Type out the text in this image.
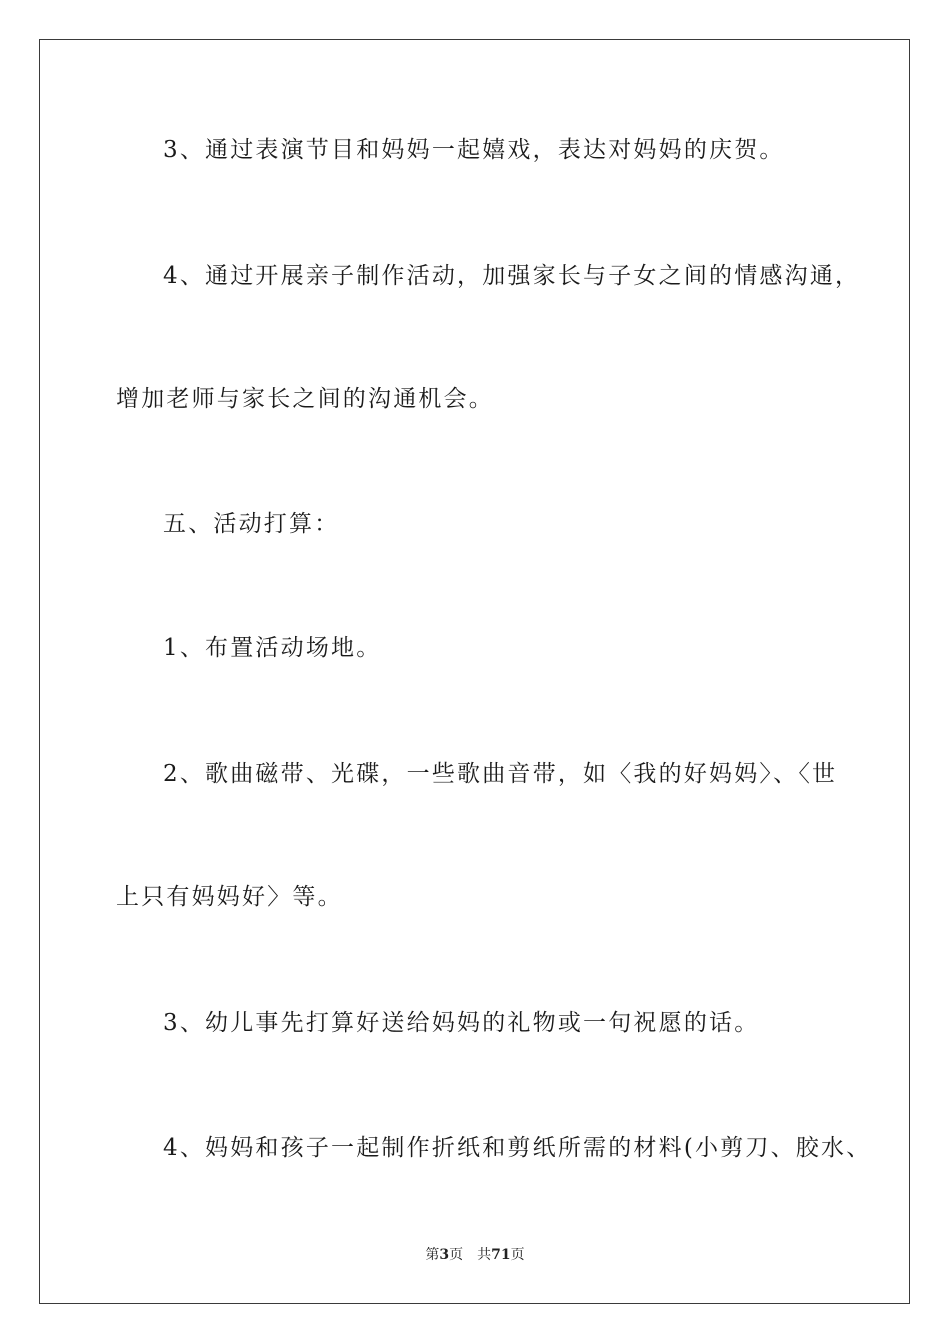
3、通过表演节目和妈妈一起嬉戏，表达对妈妈的庆贺。
4、通过开展亲子制作活动，加强家长与子女之间的情感沟通，
增加老师与家长之间的沟通机会。
五、活动打算：
1、布置活动场地。
2、歌曲磁带、光碟，一些歌曲音带，如〈我的好妈妈〉、〈世
上只有妈妈好〉等。
3、幼儿事先打算好送给妈妈的礼物或一句祝愿的话。
4、妈妈和孩子一起制作折纸和剪纸所需的材料(小剪刀、胶水、
第3页 共71页
